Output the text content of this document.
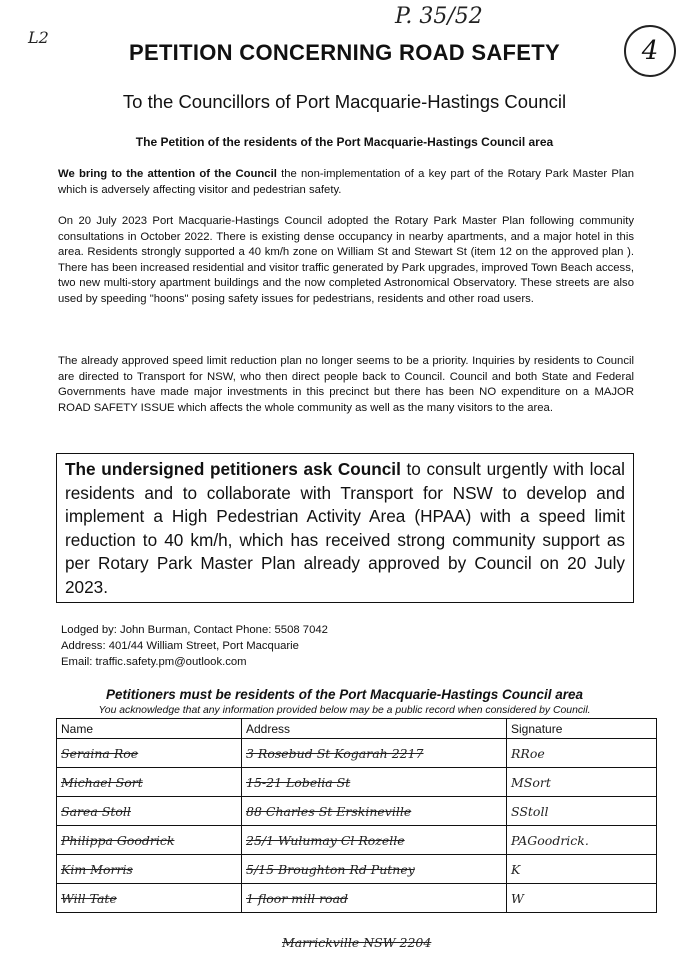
L2
P. 35/52
4
PETITION CONCERNING ROAD SAFETY
To the Councillors of Port Macquarie-Hastings Council
The Petition of the residents of the Port Macquarie-Hastings Council area
We bring to the attention of the Council the non-implementation of a key part of the Rotary Park Master Plan which is adversely affecting visitor and pedestrian safety.
On 20 July 2023 Port Macquarie-Hastings Council adopted the Rotary Park Master Plan following community consultations in October 2022. There is existing dense occupancy in nearby apartments, and a major hotel in this area. Residents strongly supported a 40 km/h zone on William St and Stewart St (item 12 on the approved plan ). There has been increased residential and visitor traffic generated by Park upgrades, improved Town Beach access, two new multi-story apartment buildings and the now completed Astronomical Observatory. These streets are also used by speeding "hoons" posing safety issues for pedestrians, residents and other road users.
The already approved speed limit reduction plan no longer seems to be a priority. Inquiries by residents to Council are directed to Transport for NSW, who then direct people back to Council. Council and both State and Federal Governments have made major investments in this precinct but there has been NO expenditure on a MAJOR ROAD SAFETY ISSUE which affects the whole community as well as the many visitors to the area.
The undersigned petitioners ask Council to consult urgently with local residents and to collaborate with Transport for NSW to develop and implement a High Pedestrian Activity Area (HPAA) with a speed limit reduction to 40 km/h, which has received strong community support as per Rotary Park Master Plan already approved by Council on 20 July 2023.
Lodged by: John Burman, Contact Phone: 5508 7042
Address: 401/44 William Street, Port Macquarie
Email: traffic.safety.pm@outlook.com
Petitioners must be residents of the Port Macquarie-Hastings Council area
You acknowledge that any information provided below may be a public record when considered by Council.
Name	Address	Signature
Seraina Roe	3 Rosebud St Kogarah 2217	RRoe
Michael Sort	15-21 Lobelia St	MSort
Sarea Stoll	88 Charles St Erskineville	SStoll
Philippa Goodrick	25/1 Wulumay Cl Rozelle	PAGoodrick.
Kim Morris	5/15 Broughton Rd Putney	K
Will Tate	1 floor mill road	W
Marrickville NSW 2204
